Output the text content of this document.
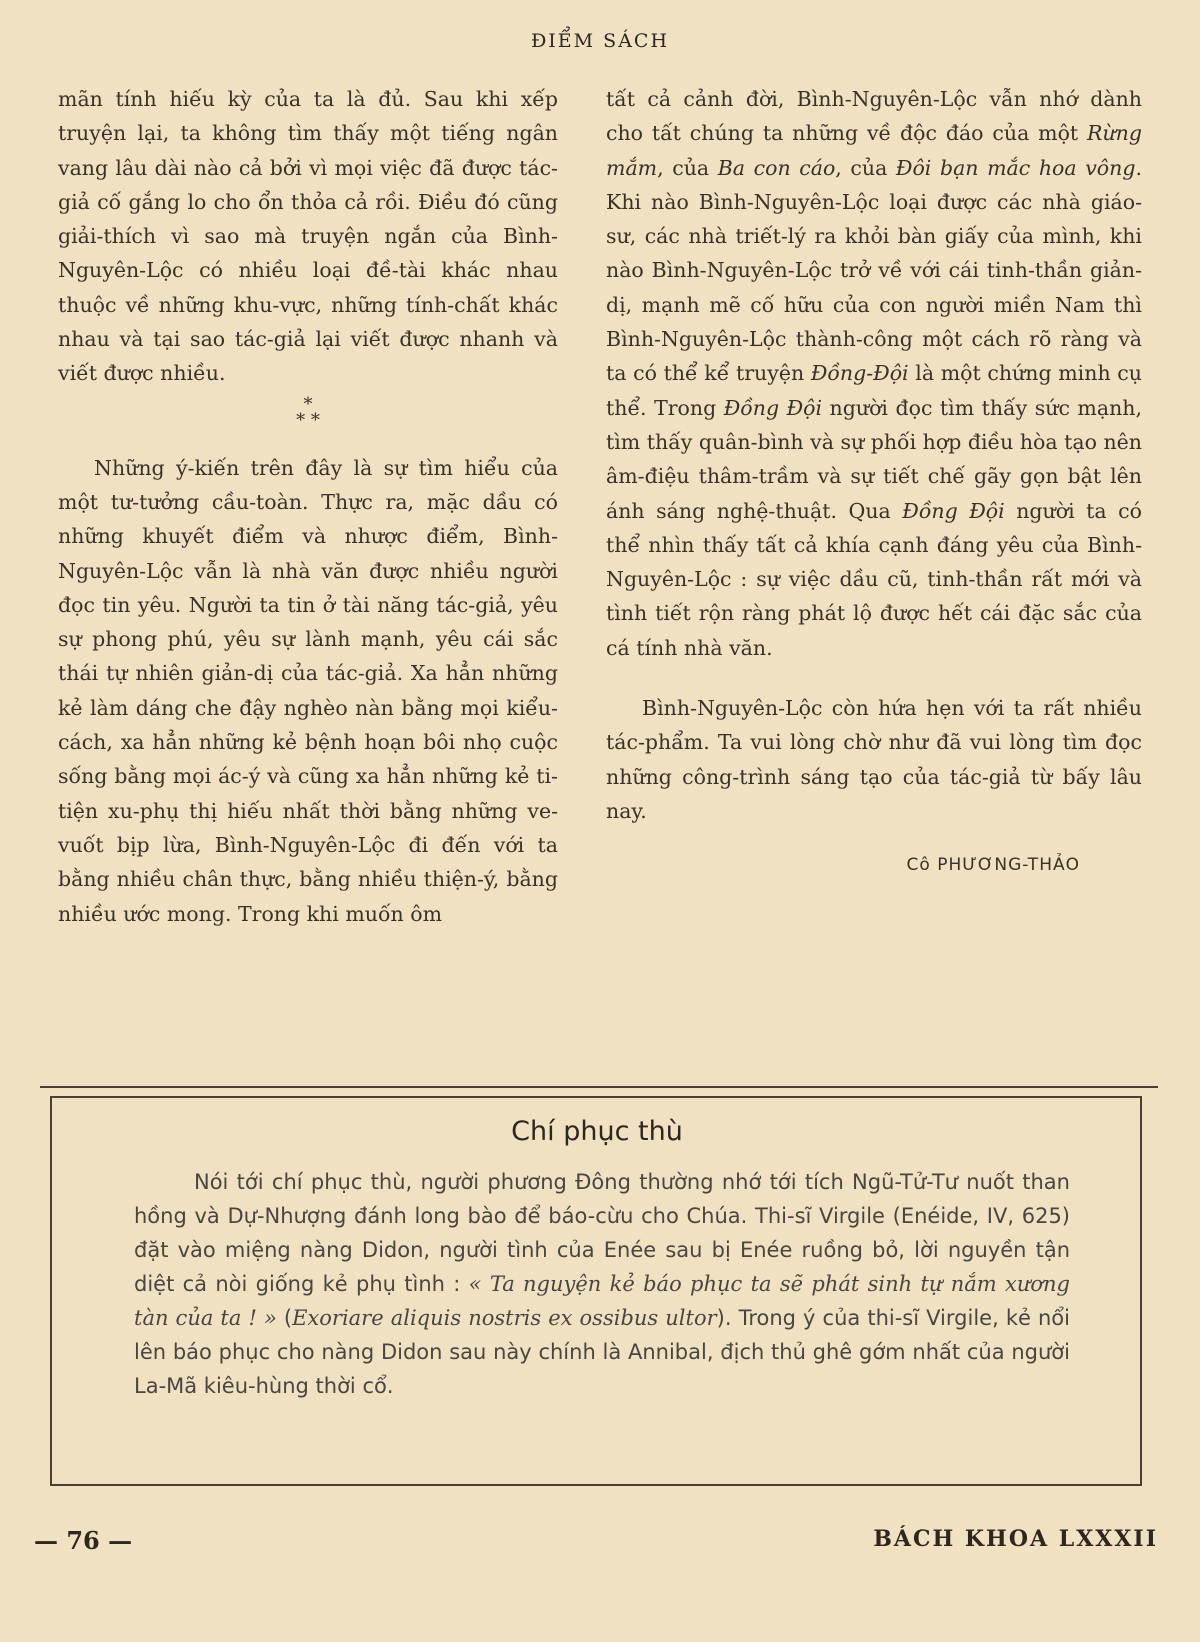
ĐIỂM SÁCH

mãn tính hiếu kỳ của ta là đủ. Sau khi xếp truyện lại, ta không tìm thấy một tiếng ngân vang lâu dài nào cả bởi vì mọi việc đã được tác-giả cố gắng lo cho ổn thỏa cả rồi. Điều đó cũng giải-thích vì sao mà truyện ngắn của Bình-Nguyên-Lộc có nhiều loại đề-tài khác nhau thuộc về những khu-vực, những tính-chất khác nhau và tại sao tác-giả lại viết được nhanh và viết được nhiều.

*
* *

Những ý-kiến trên đây là sự tìm hiểu của một tư-tưởng cầu-toàn. Thực ra, mặc dầu có những khuyết điểm và nhược điểm, Bình-Nguyên-Lộc vẫn là nhà văn được nhiều người đọc tin yêu. Người ta tin ở tài năng tác-giả, yêu sự phong phú, yêu sự lành mạnh, yêu cái sắc thái tự nhiên giản-dị của tác-giả. Xa hẳn những kẻ làm dáng che đậy nghèo nàn bằng mọi kiểu-cách, xa hẳn những kẻ bệnh hoạn bôi nhọ cuộc sống bằng mọi ác-ý và cũng xa hẳn những kẻ ti-tiện xu-phụ thị hiếu nhất thời bằng những ve-vuốt bịp lừa, Bình-Nguyên-Lộc đi đến với ta bằng nhiều chân thực, bằng nhiều thiện-ý, bằng nhiều ước mong. Trong khi muốn ôm

tất cả cảnh đời, Bình-Nguyên-Lộc vẫn nhớ dành cho tất chúng ta những về độc đáo của một Rừng mắm, của Ba con cáo, của Đôi bạn mắc hoa vông. Khi nào Bình-Nguyên-Lộc loại được các nhà giáo-sư, các nhà triết-lý ra khỏi bàn giấy của mình, khi nào Bình-Nguyên-Lộc trở về với cái tinh-thần giản-dị, mạnh mẽ cố hữu của con người miền Nam thì Bình-Nguyên-Lộc thành-công một cách rõ ràng và ta có thể kể truyện Đồng-Đội là một chứng minh cụ thể. Trong Đồng Đội người đọc tìm thấy sức mạnh, tìm thấy quân-bình và sự phối hợp điều hòa tạo nên âm-điệu thâm-trầm và sự tiết chế gãy gọn bật lên ánh sáng nghệ-thuật. Qua Đồng Đội người ta có thể nhìn thấy tất cả khía cạnh đáng yêu của Bình-Nguyên-Lộc : sự việc dầu cũ, tinh-thần rất mới và tình tiết rộn ràng phát lộ được hết cái đặc sắc của cá tính nhà văn.

Bình-Nguyên-Lộc còn hứa hẹn với ta rất nhiều tác-phẩm. Ta vui lòng chờ như đã vui lòng tìm đọc những công-trình sáng tạo của tác-giả từ bấy lâu nay.

Cô PHƯƠNG-THẢO
Chí phục thù

Nói tới chí phục thù, người phương Đông thường nhớ tới tích Ngũ-Tử-Tư nuốt than hồng và Dự-Nhượng đánh long bào để báo-cừu cho Chúa. Thi-sĩ Virgile (Enéide, IV, 625) đặt vào miệng nàng Didon, người tình của Enée sau bị Enée ruồng bỏ, lời nguyền tận diệt cả nòi giống kẻ phụ tình : « Ta nguyện kẻ báo phục ta sẽ phát sinh tự nắm xương tàn của ta ! » (Exoriare aliquis nostris ex ossibus ultor). Trong ý của thi-sĩ Virgile, kẻ nổi lên báo phục cho nàng Didon sau này chính là Annibal, địch thủ ghê gớm nhất của người La-Mã kiêu-hùng thời cổ.

— 76 —	BÁCH KHOA LXXXII
